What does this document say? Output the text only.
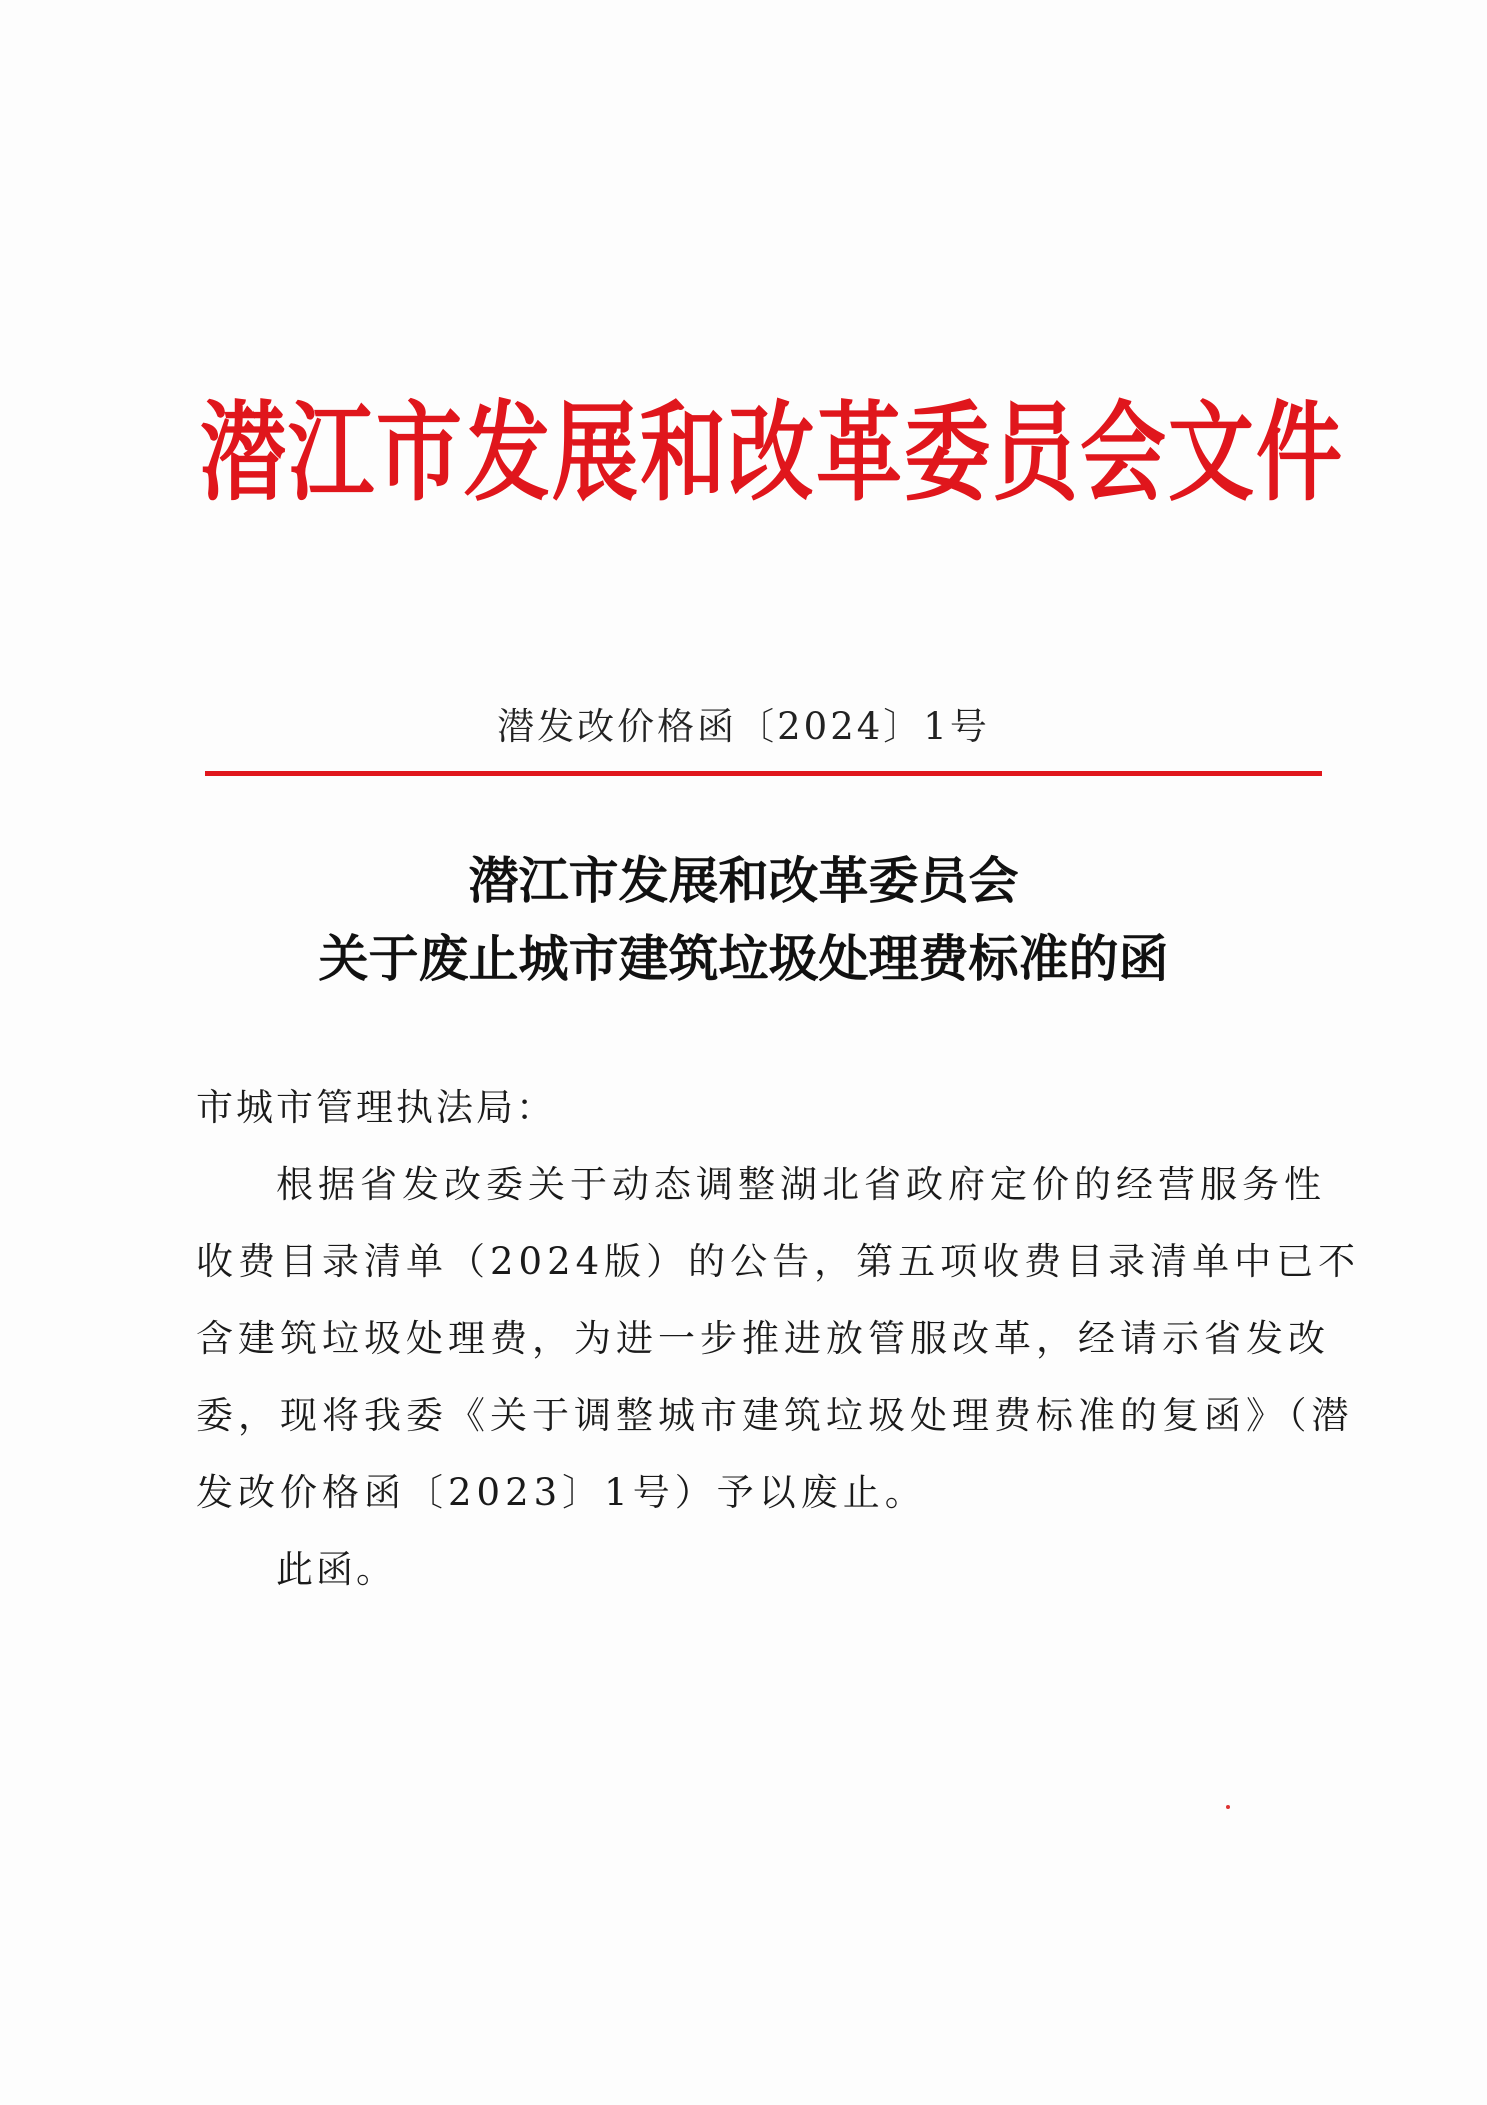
潜江市发展和改革委员会文件
潜发改价格函〔2024〕1号
潜江市发展和改革委员会
关于废止城市建筑垃圾处理费标准的函
市城市管理执法局：
根据省发改委关于动态调整湖北省政府定价的经营服务性
收费目录清单（2024版）的公告，第五项收费目录清单中已不
含建筑垃圾处理费，为进一步推进放管服改革，经请示省发改
委，现将我委《关于调整城市建筑垃圾处理费标准的复函》（潜
发改价格函〔2023〕1号）予以废止。
此函。
